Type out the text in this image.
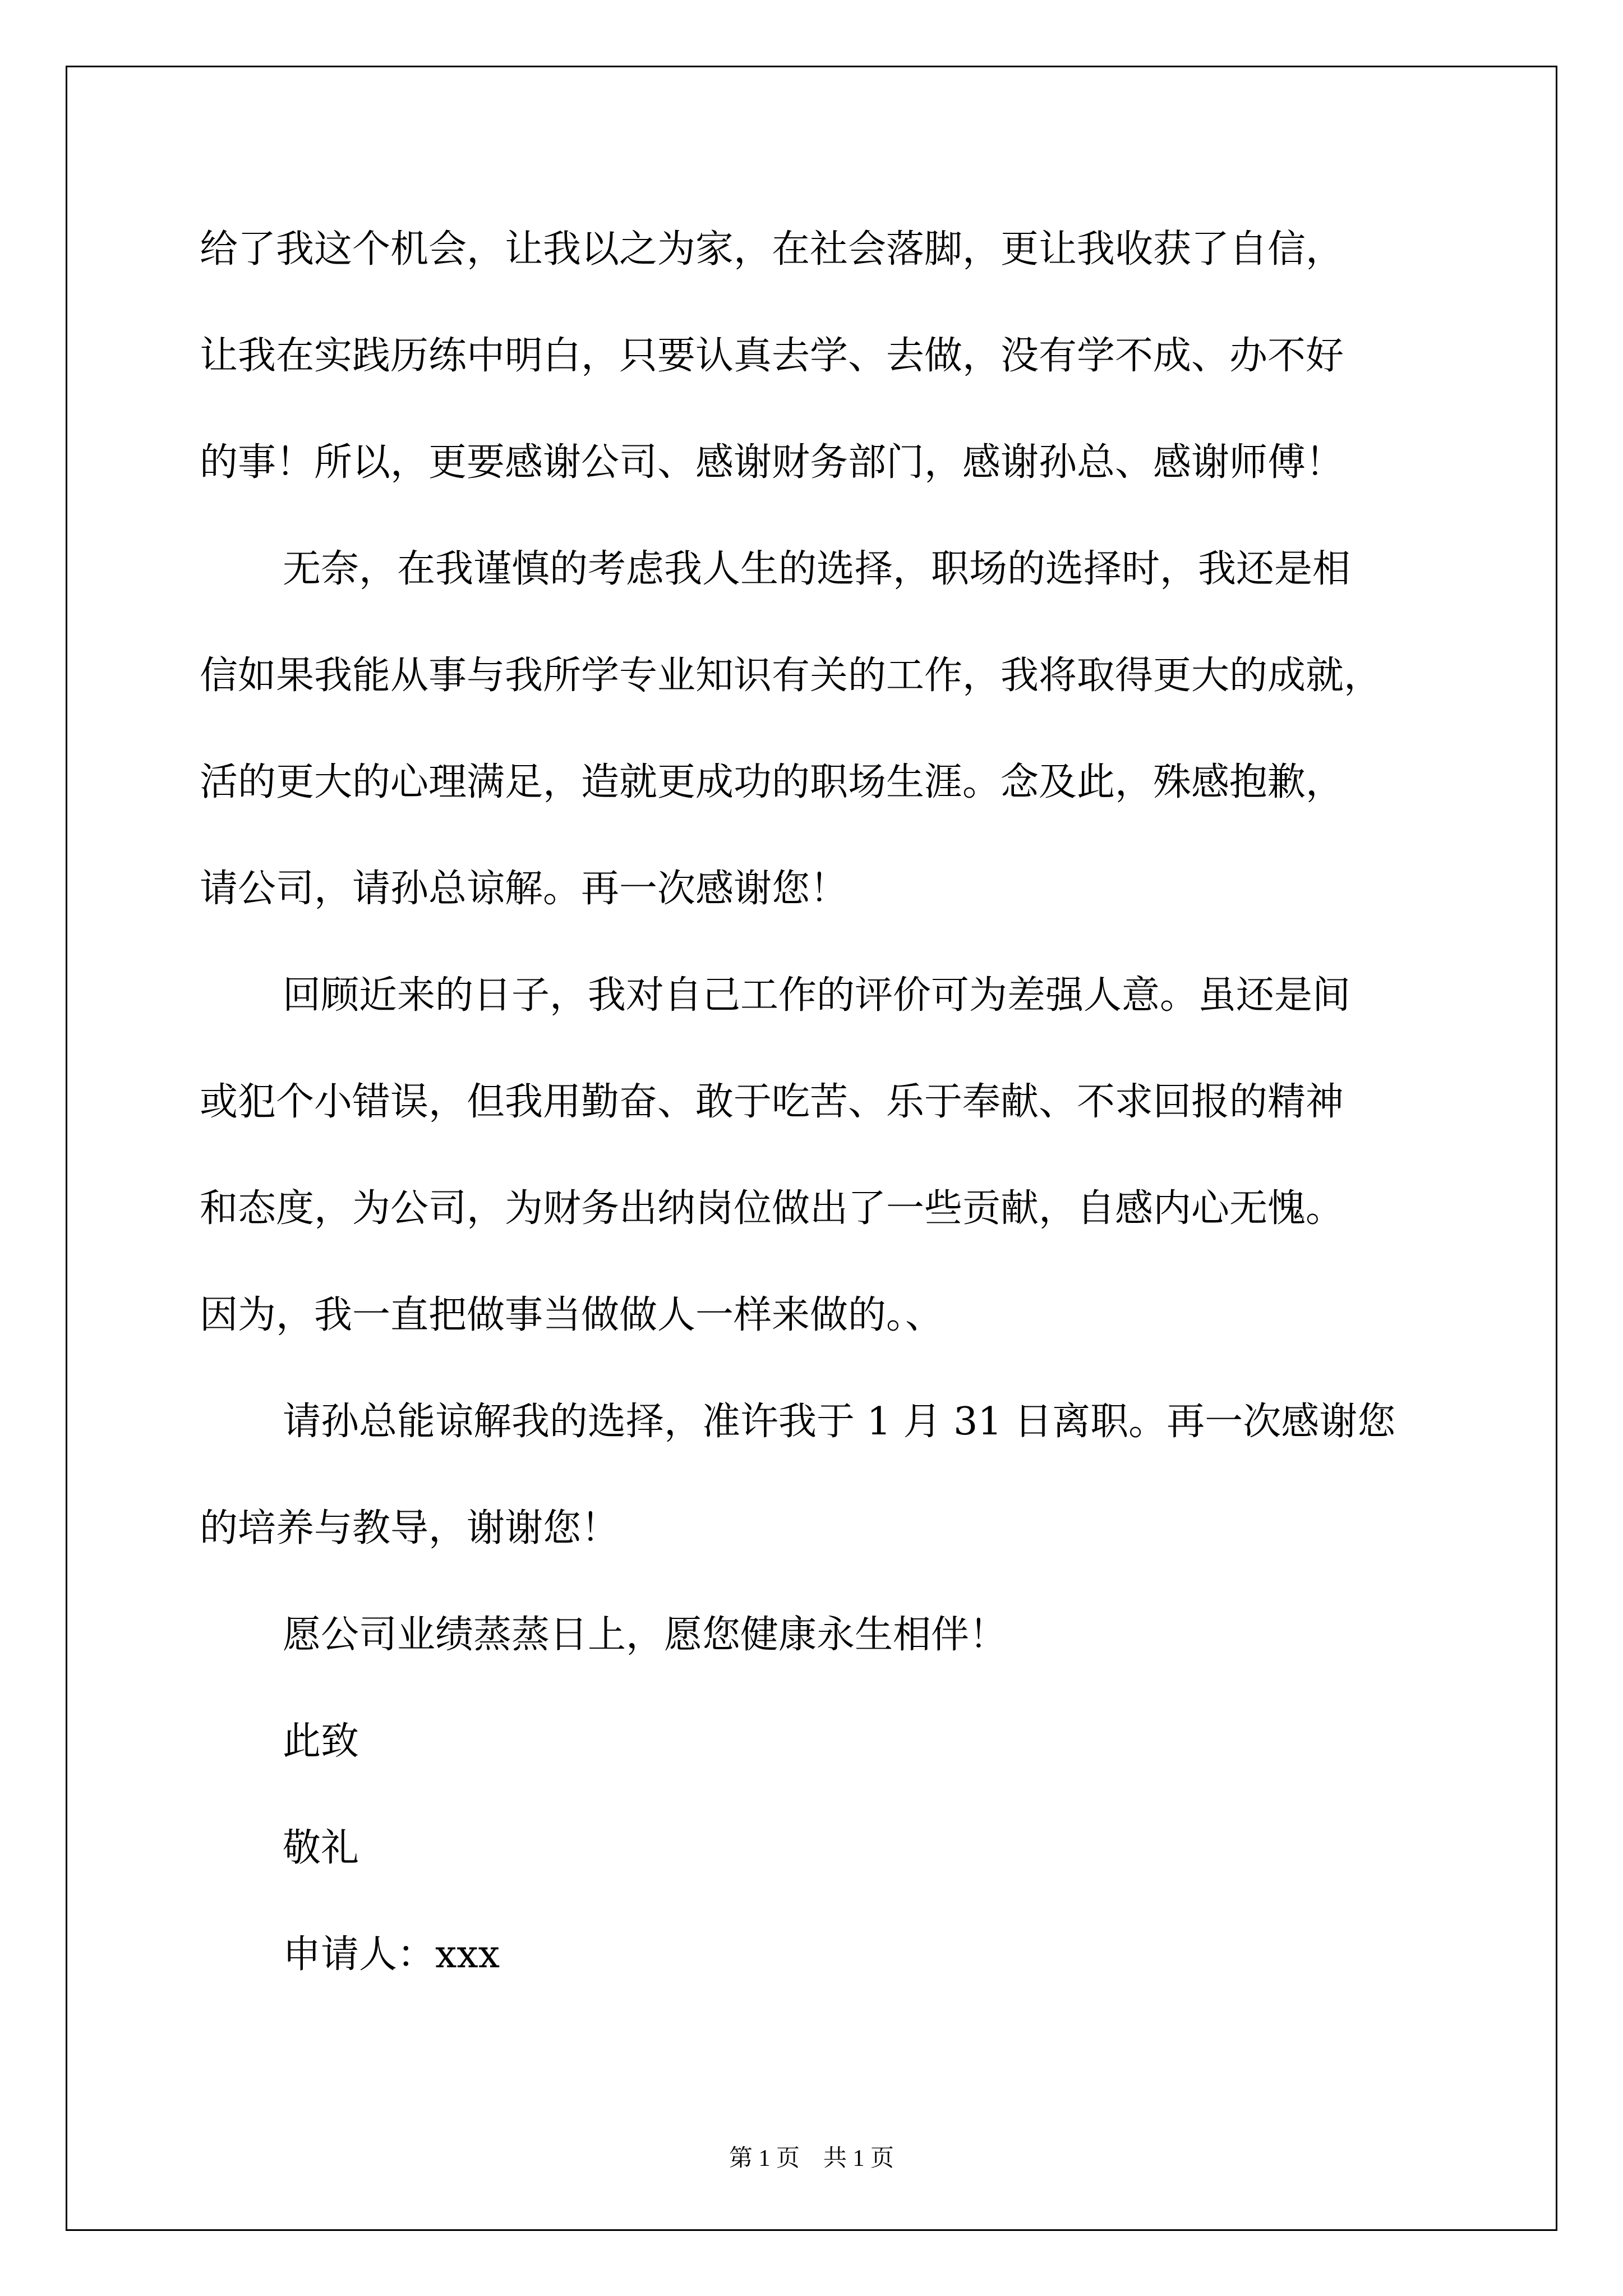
给了我这个机会，让我以之为家，在社会落脚，更让我收获了自信，

让我在实践历练中明白，只要认真去学、去做，没有学不成、办不好

的事！所以，更要感谢公司、感谢财务部门，感谢孙总、感谢师傅！

无奈，在我谨慎的考虑我人生的选择，职场的选择时，我还是相

信如果我能从事与我所学专业知识有关的工作，我将取得更大的成就，

活的更大的心理满足，造就更成功的职场生涯。念及此，殊感抱歉，

请公司，请孙总谅解。再一次感谢您！

回顾近来的日子，我对自己工作的评价可为差强人意。虽还是间

或犯个小错误，但我用勤奋、敢于吃苦、乐于奉献、不求回报的精神

和态度，为公司，为财务出纳岗位做出了一些贡献，自感内心无愧。

因为，我一直把做事当做做人一样来做的。、

请孙总能谅解我的选择，准许我于 1 月 31 日离职。再一次感谢您

的培养与教导，谢谢您！

愿公司业绩蒸蒸日上，愿您健康永生相伴！

此致

敬礼

申请人：xxx

第 1 页　共 1 页
